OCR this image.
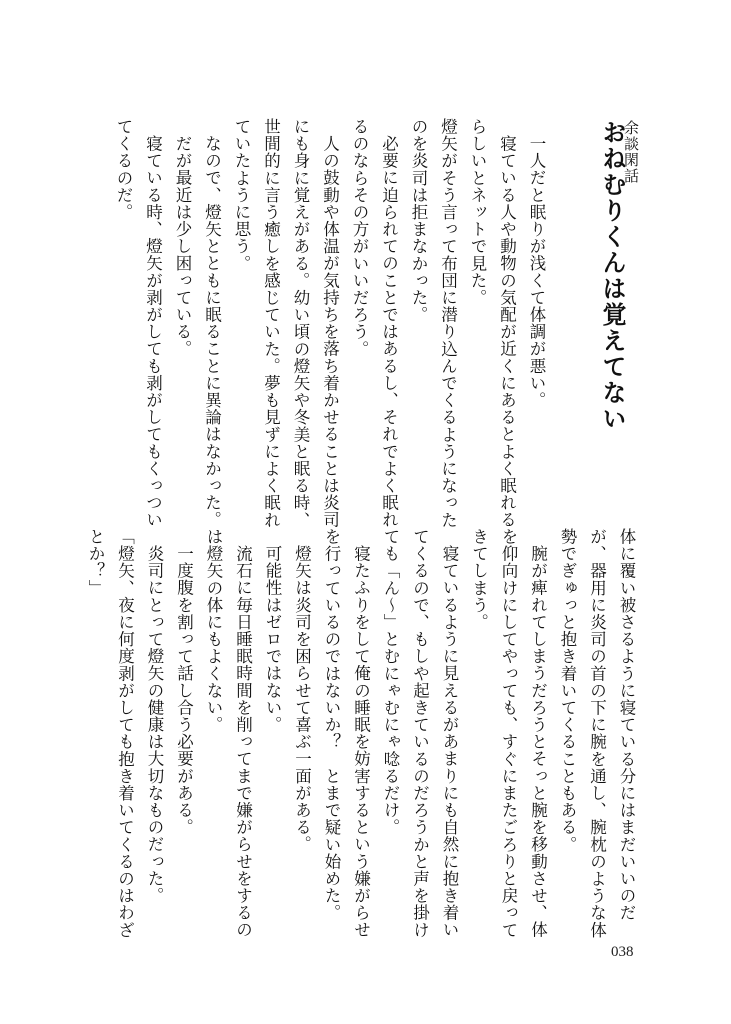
余談閑話
おねむりくんは覚えてない

一人だと眠りが浅くて体調が悪い。

寝ている人や動物の気配が近くにあるとよく眠れるらしいとネットで見た。

燈矢がそう言って布団に潜り込んでくるようになったのを炎司は拒まなかった。

必要に迫られてのことではあるし、それでよく眠れるのならその方がいいだろう。

人の鼓動や体温が気持ちを落ち着かせることは炎司にも身に覚えがある。幼い頃の燈矢や冬美と眠る時、世間的に言う癒しを感じていた。夢も見ずによく眠れていたように思う。

なので、燈矢とともに眠ることに異論はなかった。

だが最近は少し困っている。

寝ている時、燈矢が剥がしても剥がしてもくっついてくるのだ。

体に覆い被さるように寝ている分にはまだいいのだが、器用に炎司の首の下に腕を通し、腕枕のような体勢でぎゅっと抱き着いてくることもある。

腕が痺れてしまうだろうとそっと腕を移動させ、体を仰向けにしてやっても、すぐにまたごろりと戻ってきてしまう。

寝ているように見えるがあまりにも自然に抱き着いてくるので、もしや起きているのだろうかと声を掛けても「ん〜」とむにゃむにゃ唸るだけ。

寝たふりをして俺の睡眠を妨害するという嫌がらせを行っているのではないか？　とまで疑い始めた。

燈矢は炎司を困らせて喜ぶ一面がある。

可能性はゼロではない。

流石に毎日睡眠時間を削ってまで嫌がらせをするのは燈矢の体にもよくない。

一度腹を割って話し合う必要がある。

炎司にとって燈矢の健康は大切なものだった。

「燈矢、夜に何度剥がしても抱き着いてくるのはわざとか？」

038
